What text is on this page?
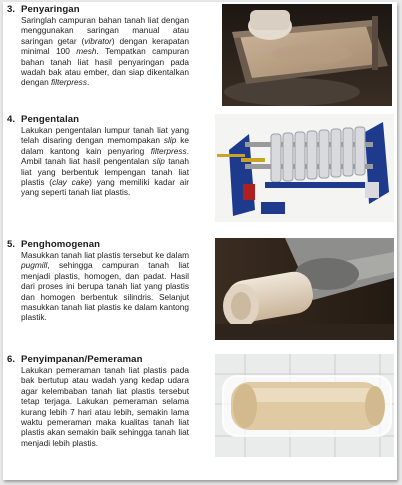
3. Penyaringan
Saringlah campuran bahan tanah liat dengan menggunakan saringan manual atau saringan getar (vibrator) dengan kerapatan minimal 100 mesh. Tempatkan campuran bahan tanah liat hasil penyaringan pada wadah bak atau ember, dan siap dikentalkan dengan filterpress.
4. Pengentalan
Lakukan pengentalan lumpur tanah liat yang telah disaring dengan memompakan slip ke dalam kantong kain penyaring filterpress. Ambil tanah liat hasil pengentalan slip tanah liat yang berbentuk lempengan tanah liat plastis (clay cake) yang memiliki kadar air yang seperti tanah liat plastis.
5. Penghomogenan
Masukkan tanah liat plastis tersebut ke dalam pugmill, sehingga campuran tanah liat menjadi plastis, homogen, dan padat. Hasil dari proses ini berupa tanah liat yang plastis dan homogen berbentuk silindris. Selanjut masukkan tanah liat plastis ke dalam kantong plastik.
6. Penyimpanan/Pemeraman
Lakukan pemeraman tanah liat plastis pada bak bertutup atau wadah yang kedap udara agar kelembaban tanah liat plastis tersebut tetap terjaga. Lakukan pemeraman selama kurang lebih 7 hari atau lebih, semakin lama waktu pemeraman maka kualitas tanah liat plastis akan semakin baik sehingga tanah liat menjadi lebih plastis.
